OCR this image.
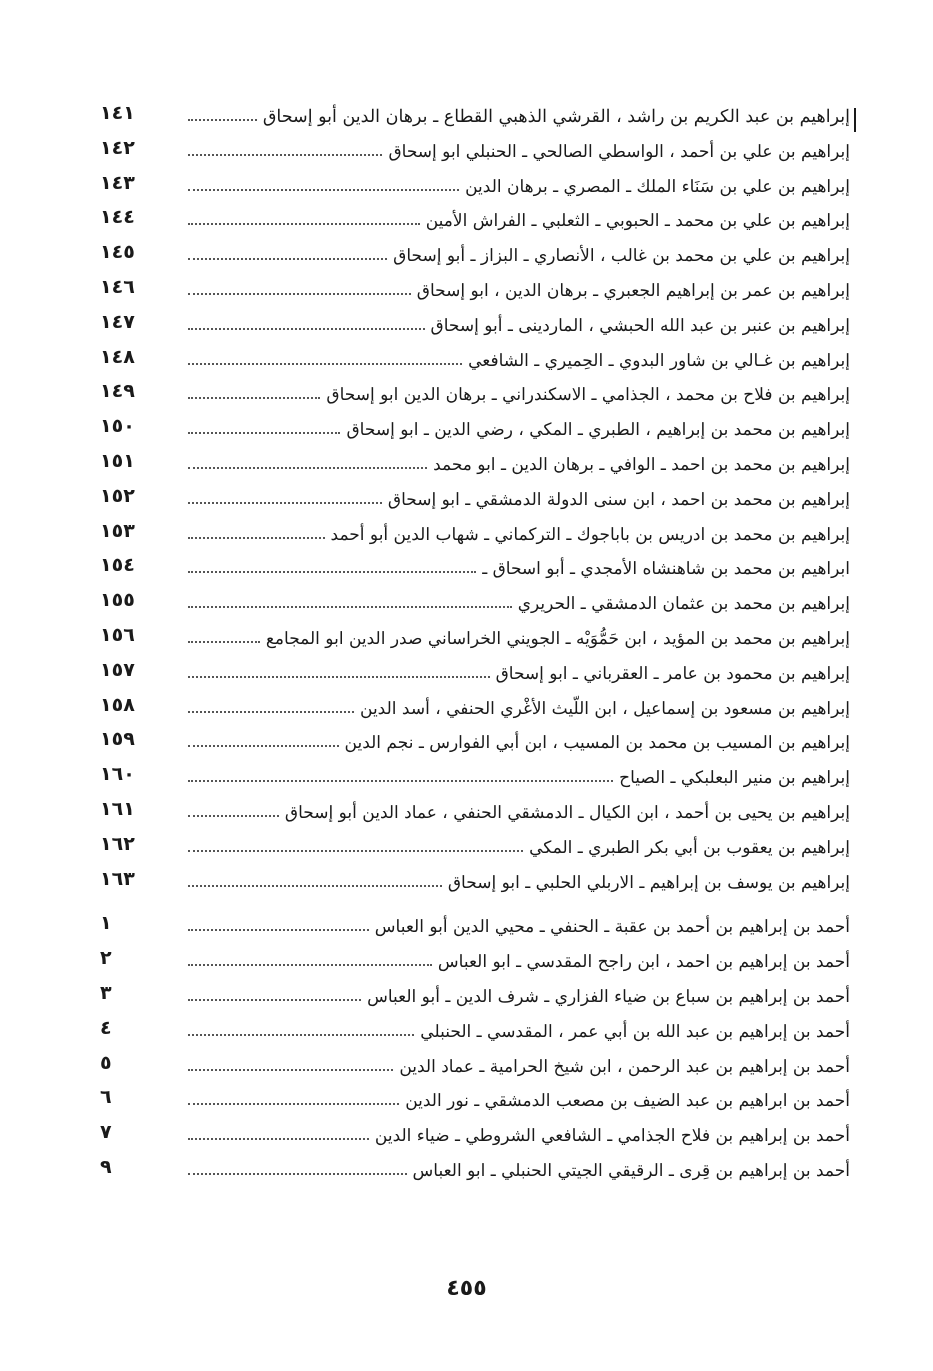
١٤١	إبراهيم بن عبد الكريم بن راشد ، القرشي الذهبي القطاع ـ برهان الدين أبو إسحاق
١٤٢	إبراهيم بن علي بن أحمد ، الواسطي الصالحي ـ الحنبلي ابو إسحاق
١٤٣	إبراهيم بن علي بن سَنَاء الملك ـ المصري ـ برهان الدين
١٤٤	إبراهيم بن علي بن محمد ـ الحبوبي ـ الثعلبي ـ الفراش الأمين
١٤٥	إبراهيم بن علي بن محمد بن غالب ، الأنصاري ـ البزاز ـ أبو إسحاق
١٤٦	إبراهيم بن عمر بن إبراهيم الجعبري ـ برهان الدين ، ابو إسحاق
١٤٧	إبراهيم بن عنبر بن عبد الله الحبشي ، الماردينى ـ أبو إسحاق
١٤٨	إبراهيم بن غـالي بن شاور البدوي ـ الحِميري ـ الشافعي
١٤٩	إبراهيم بن فلاح بن محمد ، الجذامي ـ الاسكندراني ـ برهان الدين ابو إسحاق
١٥٠	إبراهيم بن محمد بن إبراهيم ، الطبري ـ المكي ، رضي الدين ـ ابو إسحاق
١٥١	إبراهيم بن محمد بن احمد ـ الوافي ـ برهان الدين ـ ابو محمد
١٥٢	إبراهيم بن محمد بن احمد ، ابن سنى الدولة الدمشقي ـ ابو إسحاق
١٥٣	إبراهيم بن محمد بن ادريس بن باباجوك ـ التركماني ـ شهاب الدين أبو أحمد
١٥٤	ابراهيم بن محمد بن شاهنشاه الأمجدي ـ أبو اسحاق ـ
١٥٥	إبراهيم بن محمد بن عثمان الدمشقي ـ الحريري
١٥٦	إبراهيم بن محمد بن المؤيد ، ابن حَمُّوَيْه ـ الجويني الخراساني صدر الدين ابو المجامع
١٥٧	إبراهيم بن محمود بن عامر ـ العقرباني ـ ابو إسحاق
١٥٨	إبراهيم بن مسعود بن إسماعيل ، ابن اللّيث الأغْري الحنفي ، أسد الدين
١٥٩	إبراهيم بن المسيب بن محمد بن المسيب ، ابن أبي الفوارس ـ نجم الدين
١٦٠	إبراهيم بن منير البعلبكي ـ الصياح
١٦١	إبراهيم بن يحيى بن أحمد ، ابن الكيال ـ الدمشقي الحنفي ، عماد الدين أبو إسحاق
١٦٢	إبراهيم بن يعقوب بن أبي بكر الطبري ـ المكي
١٦٣	إبراهيم بن يوسف بن إبراهيم ـ الاربلي الحلبي ـ ابو إسحاق
١	أحمد بن إبراهيم بن أحمد بن عقبة ـ الحنفي ـ محيي الدين أبو العباس
٢	أحمد بن إبراهيم بن احمد ، ابن راجح المقدسي ـ ابو العباس
٣	أحمد بن إبراهيم بن سباع بن ضياء الفزاري ـ شرف الدين ـ أبو العباس
٤	أحمد بن إبراهيم بن عبد الله بن أبي عمر ، المقدسي ـ الحنبلي
٥	أحمد بن إبراهيم بن عبد الرحمن ، ابن شيخ الحرامية ـ عماد الدين
٦	أحمد بن ابراهيم بن عبد الضيف بن مصعب الدمشقي ـ نور الدين
٧	أحمد بن إبراهيم بن فلاح الجذامي ـ الشافعي الشروطي ـ ضياء الدين
٩	أحمد بن إبراهيم بن قِرى ـ الرقيقي الجيتي الحنبلي ـ ابو العباس
٤٥٥
